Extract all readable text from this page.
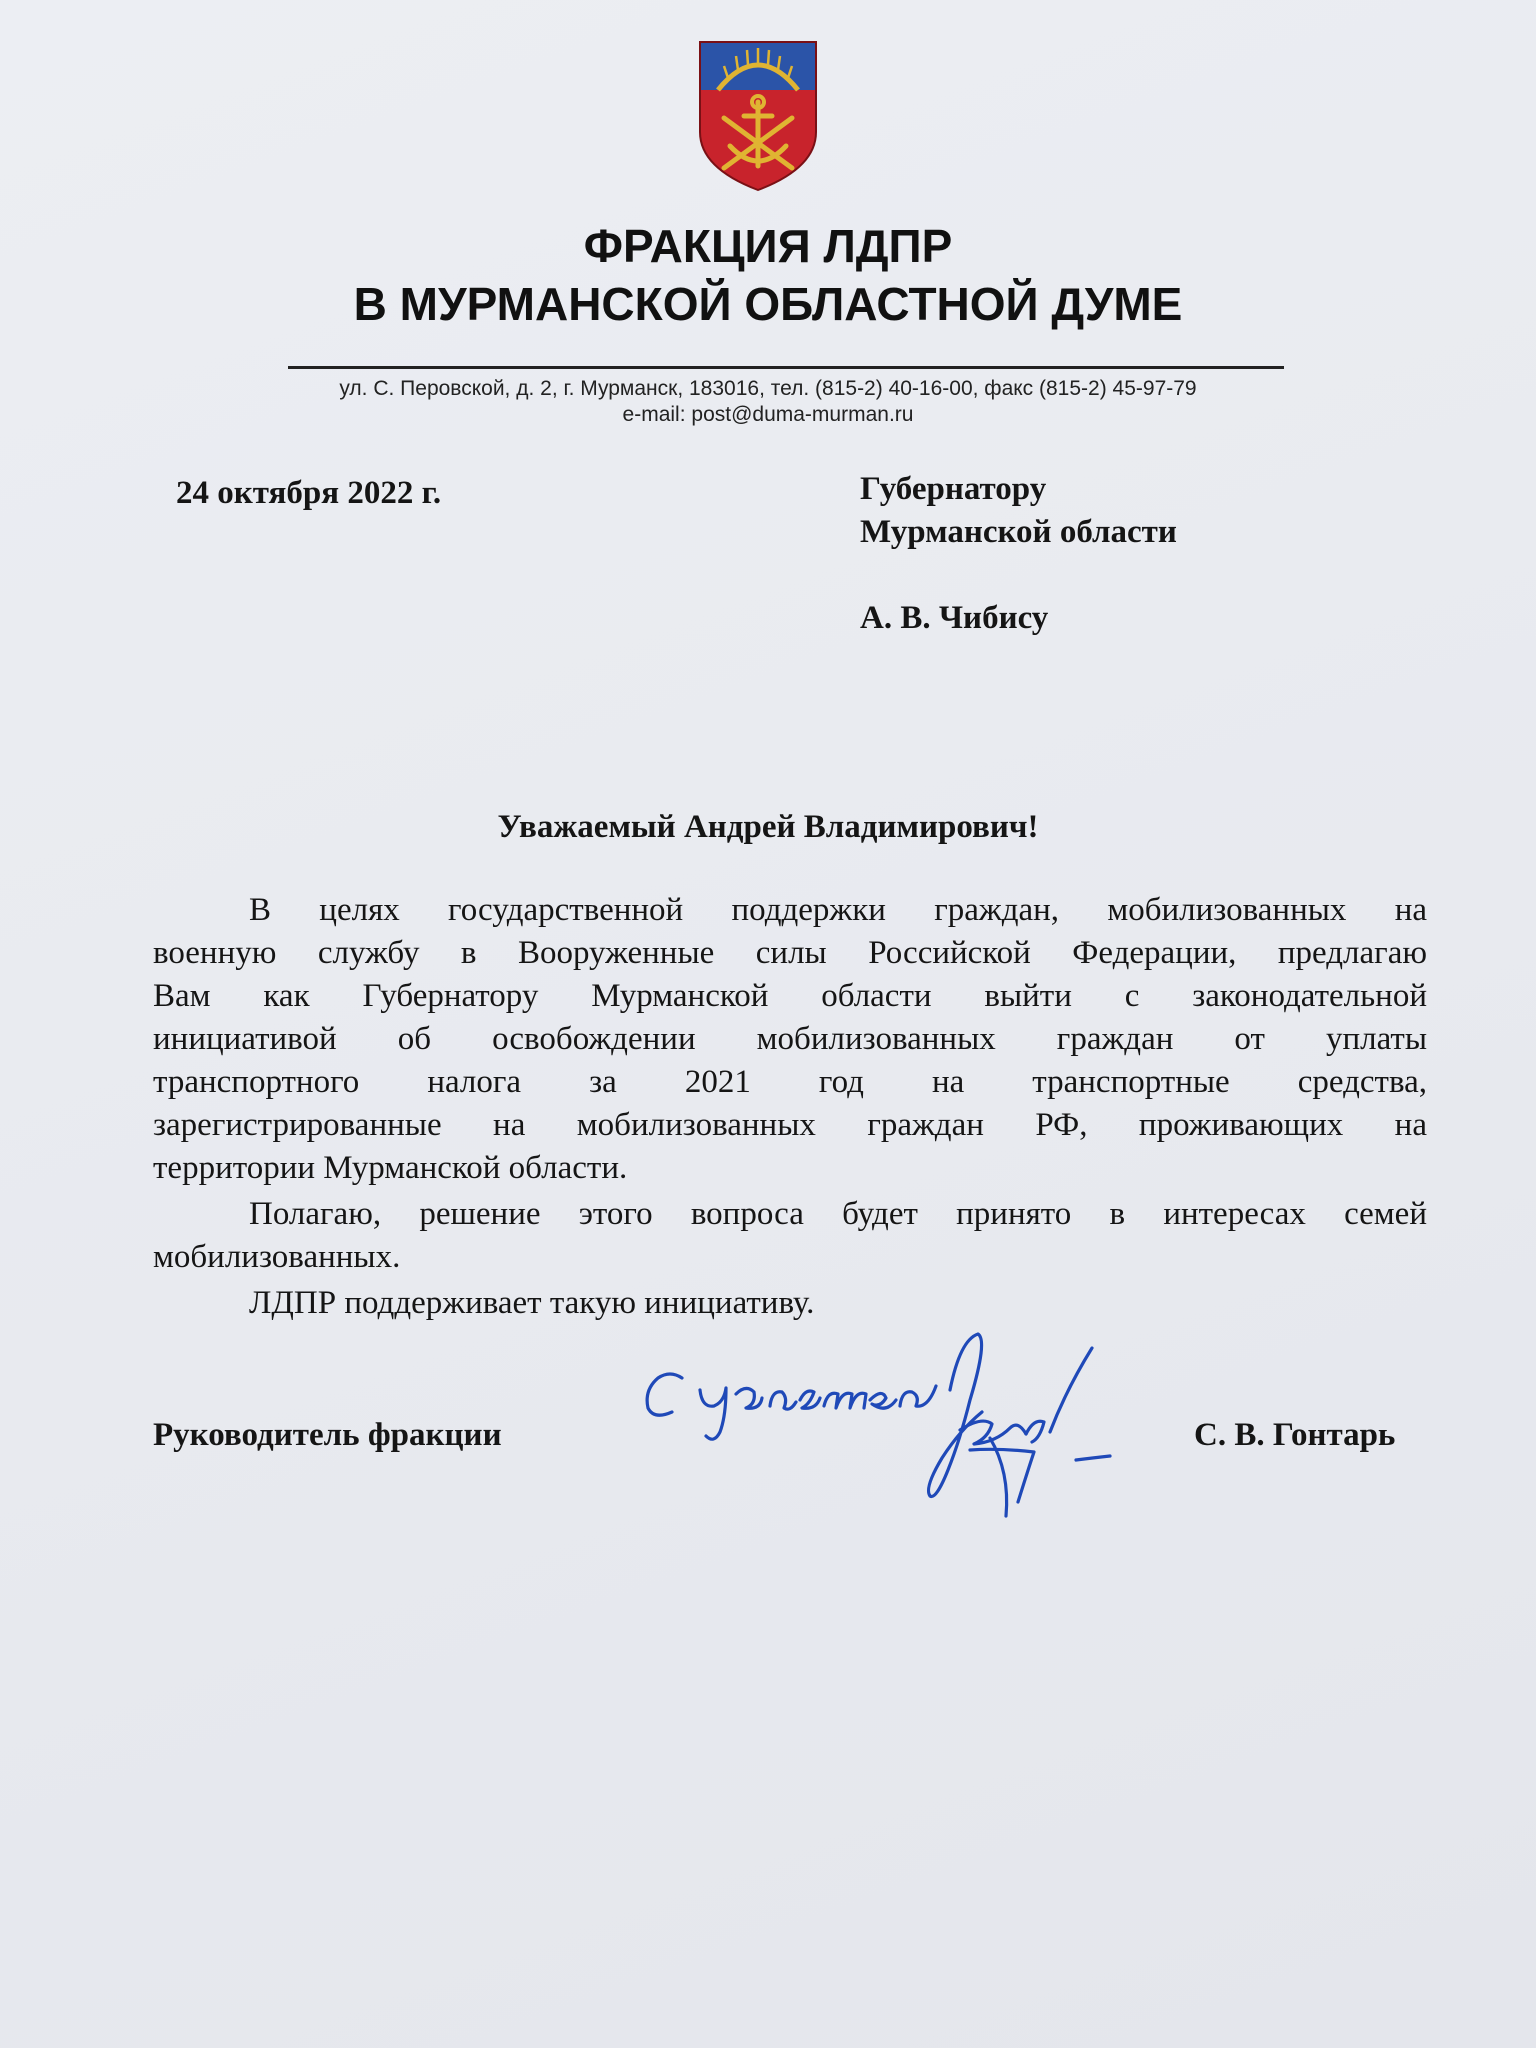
ФРАКЦИЯ ЛДПР
В МУРМАНСКОЙ ОБЛАСТНОЙ ДУМЕ
ул. С. Перовской, д. 2, г. Мурманск, 183016, тел. (815-2) 40-16-00, факс (815-2) 45-97-79
e-mail: post@duma-murman.ru
24 октября 2022 г.	Губернатору
Мурманской области
А. В. Чибису
Уважаемый Андрей Владимирович!
В целях государственной поддержки граждан, мобилизованных на
военную службу в Вооруженные силы Российской Федерации, предлагаю
Вам как Губернатору Мурманской области выйти с законодательной
инициативой об освобождении мобилизованных граждан от уплаты
транспортного налога за 2021 год на транспортные средства,
зарегистрированные на мобилизованных граждан РФ, проживающих на
территории Мурманской области.
Полагаю, решение этого вопроса будет принято в интересах семей
мобилизованных.
ЛДПР поддерживает такую инициативу.
Руководитель фракции	С. В. Гонтарь
